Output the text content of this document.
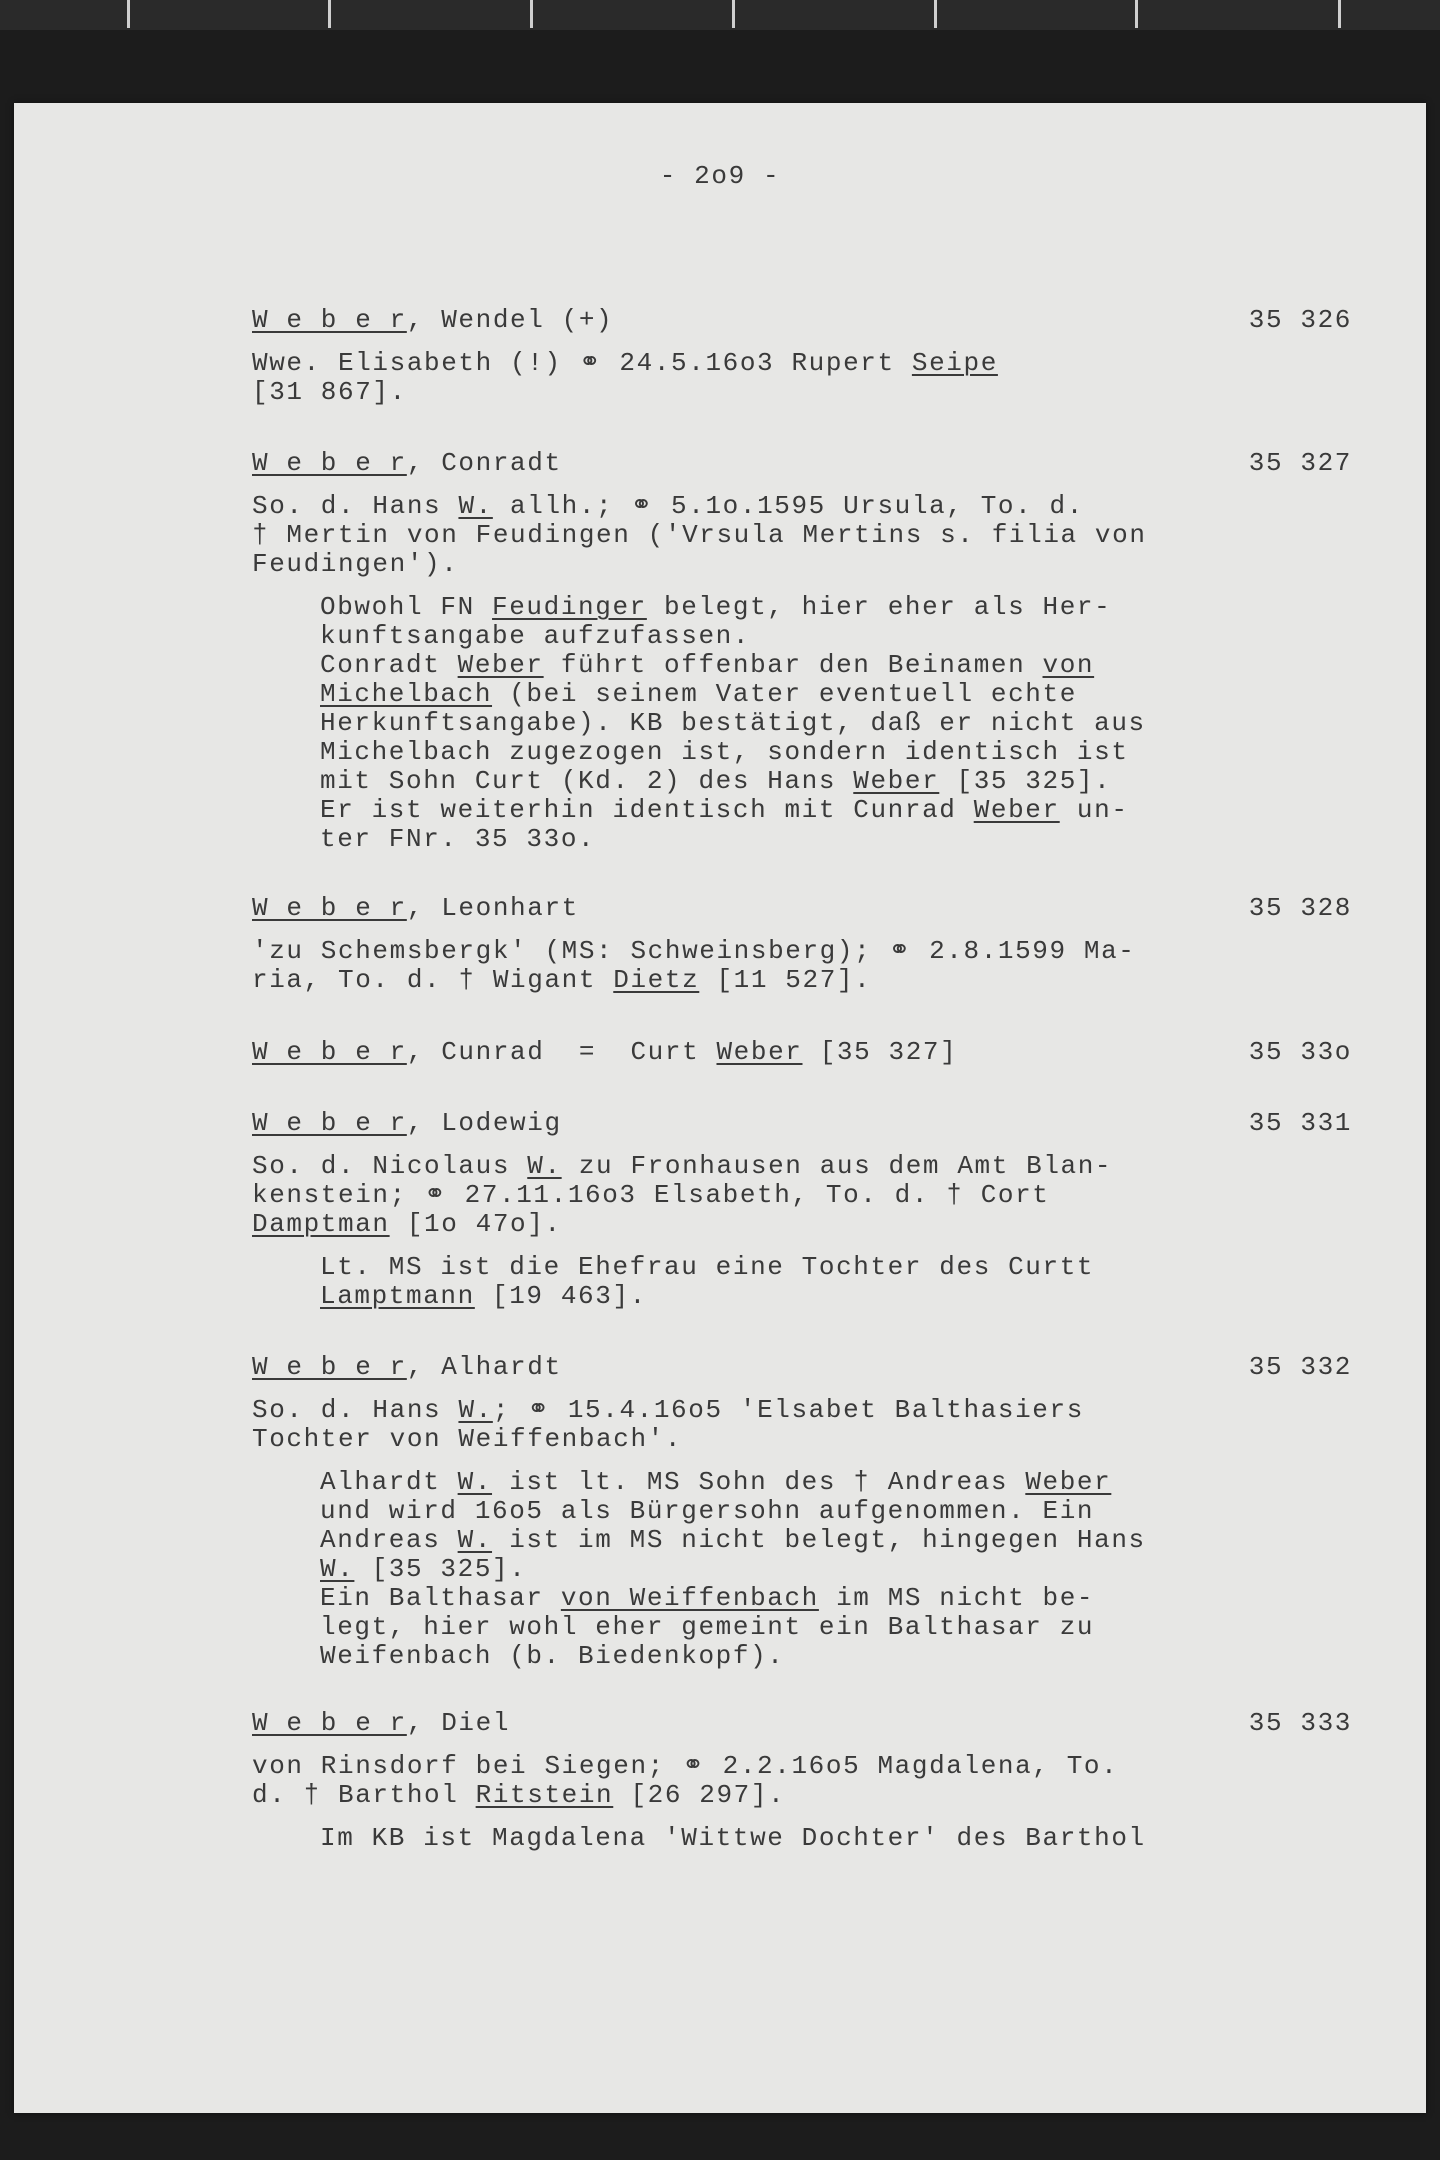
- 2o9 -
W e b e r, Wendel (+)	35 326
Wwe. Elisabeth (!) ⚭ 24.5.16o3 Rupert Seipe
[31 867].
W e b e r, Conradt	35 327
So. d. Hans W. allh.; ⚭ 5.1o.1595 Ursula, To. d.
† Mertin von Feudingen ('Vrsula Mertins s. filia von
Feudingen').
Obwohl FN Feudinger belegt, hier eher als Her-
kunftsangabe aufzufassen.
Conradt Weber führt offenbar den Beinamen von
Michelbach (bei seinem Vater eventuell echte
Herkunftsangabe). KB bestätigt, daß er nicht aus
Michelbach zugezogen ist, sondern identisch ist
mit Sohn Curt (Kd. 2) des Hans Weber [35 325].
Er ist weiterhin identisch mit Cunrad Weber un-
ter FNr. 35 33o.
W e b e r, Leonhart	35 328
'zu Schemsbergk' (MS: Schweinsberg); ⚭ 2.8.1599 Ma-
ria, To. d. † Wigant Dietz [11 527].
W e b e r, Cunrad  =  Curt Weber [35 327]	35 33o
W e b e r, Lodewig	35 331
So. d. Nicolaus W. zu Fronhausen aus dem Amt Blan-
kenstein; ⚭ 27.11.16o3 Elsabeth, To. d. † Cort
Damptman [1o 47o].
Lt. MS ist die Ehefrau eine Tochter des Curtt
Lamptmann [19 463].
W e b e r, Alhardt	35 332
So. d. Hans W.; ⚭ 15.4.16o5 'Elsabet Balthasiers
Tochter von Weiffenbach'.
Alhardt W. ist lt. MS Sohn des † Andreas Weber
und wird 16o5 als Bürgersohn aufgenommen. Ein
Andreas W. ist im MS nicht belegt, hingegen Hans
W. [35 325].
Ein Balthasar von Weiffenbach im MS nicht be-
legt, hier wohl eher gemeint ein Balthasar zu
Weifenbach (b. Biedenkopf).
W e b e r, Diel	35 333
von Rinsdorf bei Siegen; ⚭ 2.2.16o5 Magdalena, To.
d. † Barthol Ritstein [26 297].
Im KB ist Magdalena 'Wittwe Dochter' des Barthol
